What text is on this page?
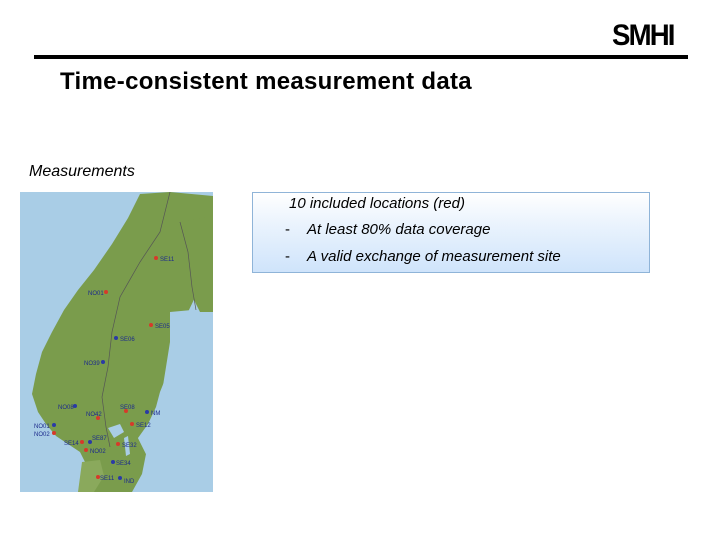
SMHI
Time-consistent measurement data
Measurements
SE11
NO01
SE05
SE06
NO39
NO08
NO42
SE08
NM
NO01
NO02
SE12
SE14
SE87
NO02
SE32
SE34
SE11 IND
10 included locations (red)
- At least 80% data coverage
- A valid exchange of measurement site
